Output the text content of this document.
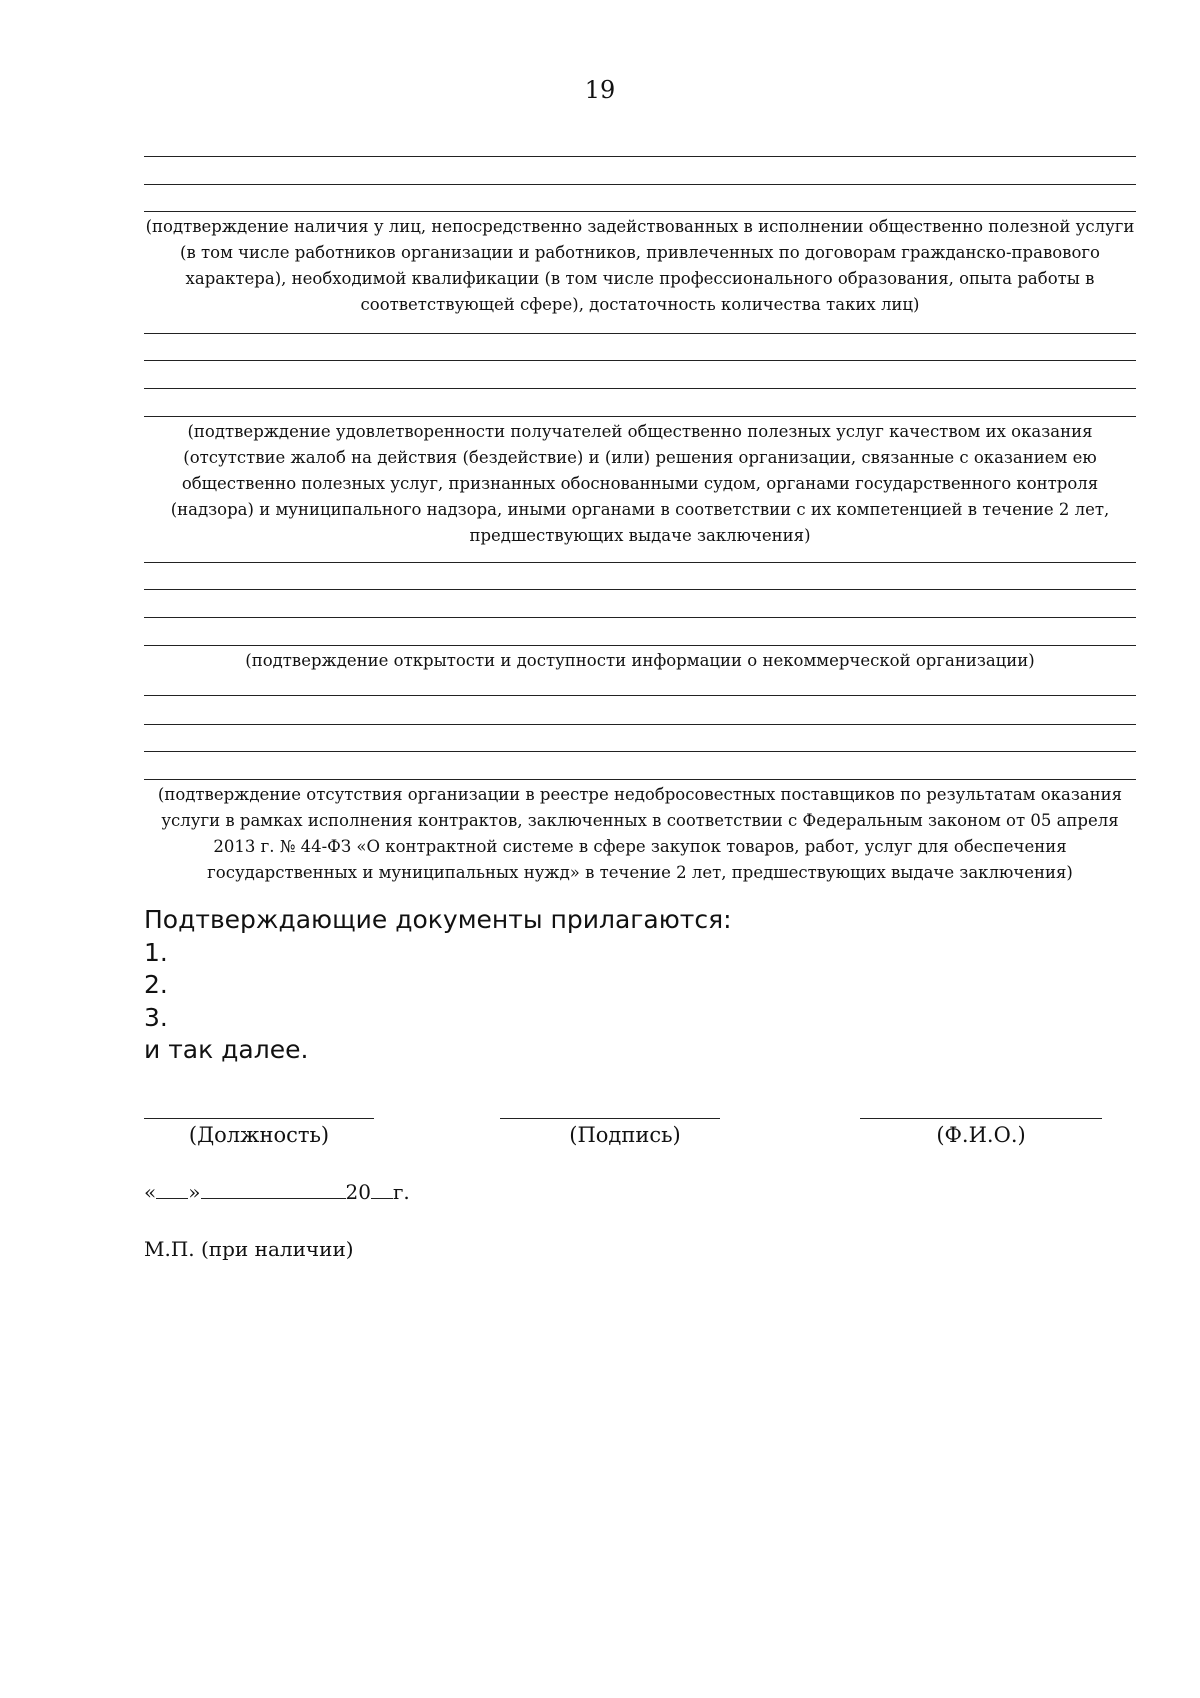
19

(подтверждение наличия у лиц, непосредственно задействованных в исполнении общественно полезной услуги (в том числе работников организации и работников, привлеченных по договорам гражданско-правового характера), необходимой квалификации (в том числе профессионального образования, опыта работы в соответствующей сфере), достаточность количества таких лиц)

(подтверждение удовлетворенности получателей общественно полезных услуг качеством их оказания (отсутствие жалоб на действия (бездействие) и (или) решения организации, связанные с оказанием ею общественно полезных услуг, признанных обоснованными судом, органами государственного контроля (надзора) и муниципального надзора, иными органами в соответствии с их компетенцией в течение 2 лет, предшествующих выдаче заключения)

(подтверждение открытости и доступности информации о некоммерческой организации)

(подтверждение отсутствия организации в реестре недобросовестных поставщиков по результатам оказания услуги в рамках исполнения контрактов, заключенных в соответствии с Федеральным законом от 05 апреля 2013 г. № 44-ФЗ «О контрактной системе в сфере закупок товаров, работ, услуг для обеспечения государственных и муниципальных нужд» в течение 2 лет, предшествующих выдаче заключения)

Подтверждающие документы прилагаются:
1.
2.
3.
и так далее.
(Должность)	(Подпись)	(Ф.И.О.)
« »	20 г.
М.П. (при наличии)
